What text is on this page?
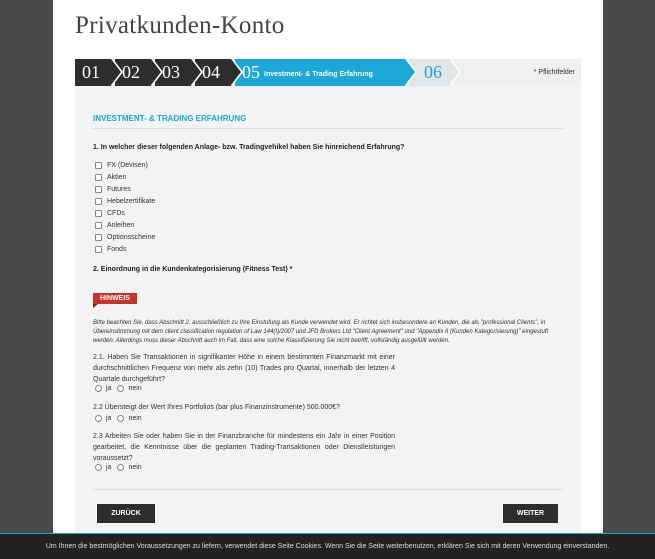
Privatkunden-Konto
01	02	03	04	05 Investment- & Trading Erfahrung	06	* Pflichtfelder
INVESTMENT- & TRADING ERFAHRUNG
1. In welcher dieser folgenden Anlage- bzw. Tradingvehikel haben Sie hinreichend Erfahrung?
FX (Devisen)
Aktien
Futures
Hebelzertifikate
CFDs
Anleihen
Optionsscheine
Fonds
2. Einordnung in die Kundenkategorisierung (Fitness Test) *
HINWEIS
Bitte beachten Sie, dass Abschnitt 2. ausschließlich zu Ihre Einstufung als Kunde verwendet wird. Er richtet sich insbesondere an Kunden, die als "professional Clients", in Übereinstimmung mit dem client classification regulation of Law 144(I)/2007 und JFD Brokers Ltd "Client Agreement" und "Appendix II (Kunden Kategorisierung)" eingestuft werden. Allerdings muss dieser Abschnitt auch im Fall, dass eine solche Klassifizierung Sie nicht betrifft, vollständig ausgefüllt werden.
2.1. Haben Sie Transaktionen in signifikanter Höhe in einem bestimmten Finanzmarkt mit einer durchschnittlichen Frequenz von mehr als zehn (10) Trades pro Quartal, innerhalb der letzten 4 Quartale durchgeführt?
ja nein
2.2 Übersteigt der Wert Ihres Portfolios (bar plus Finanzinstrumente) 500.000€?
ja nein
2.3 Arbeiten Sie oder haben Sie in der Finanzbranche für mindestens ein Jahr in einer Position gearbeitet, die Kenntnisse über die geplanten Trading-Transaktionen oder Dienstleistungen voraussetzt?
ja nein
ZURÜCK	WEITER
Um Ihnen die bestmöglichen Voraussetzungen zu liefern, verwendet diese Seite Cookies. Wenn Sie die Seite weiterbenutzen, erklären Sie sich mit deren Verwendung einverstanden.
